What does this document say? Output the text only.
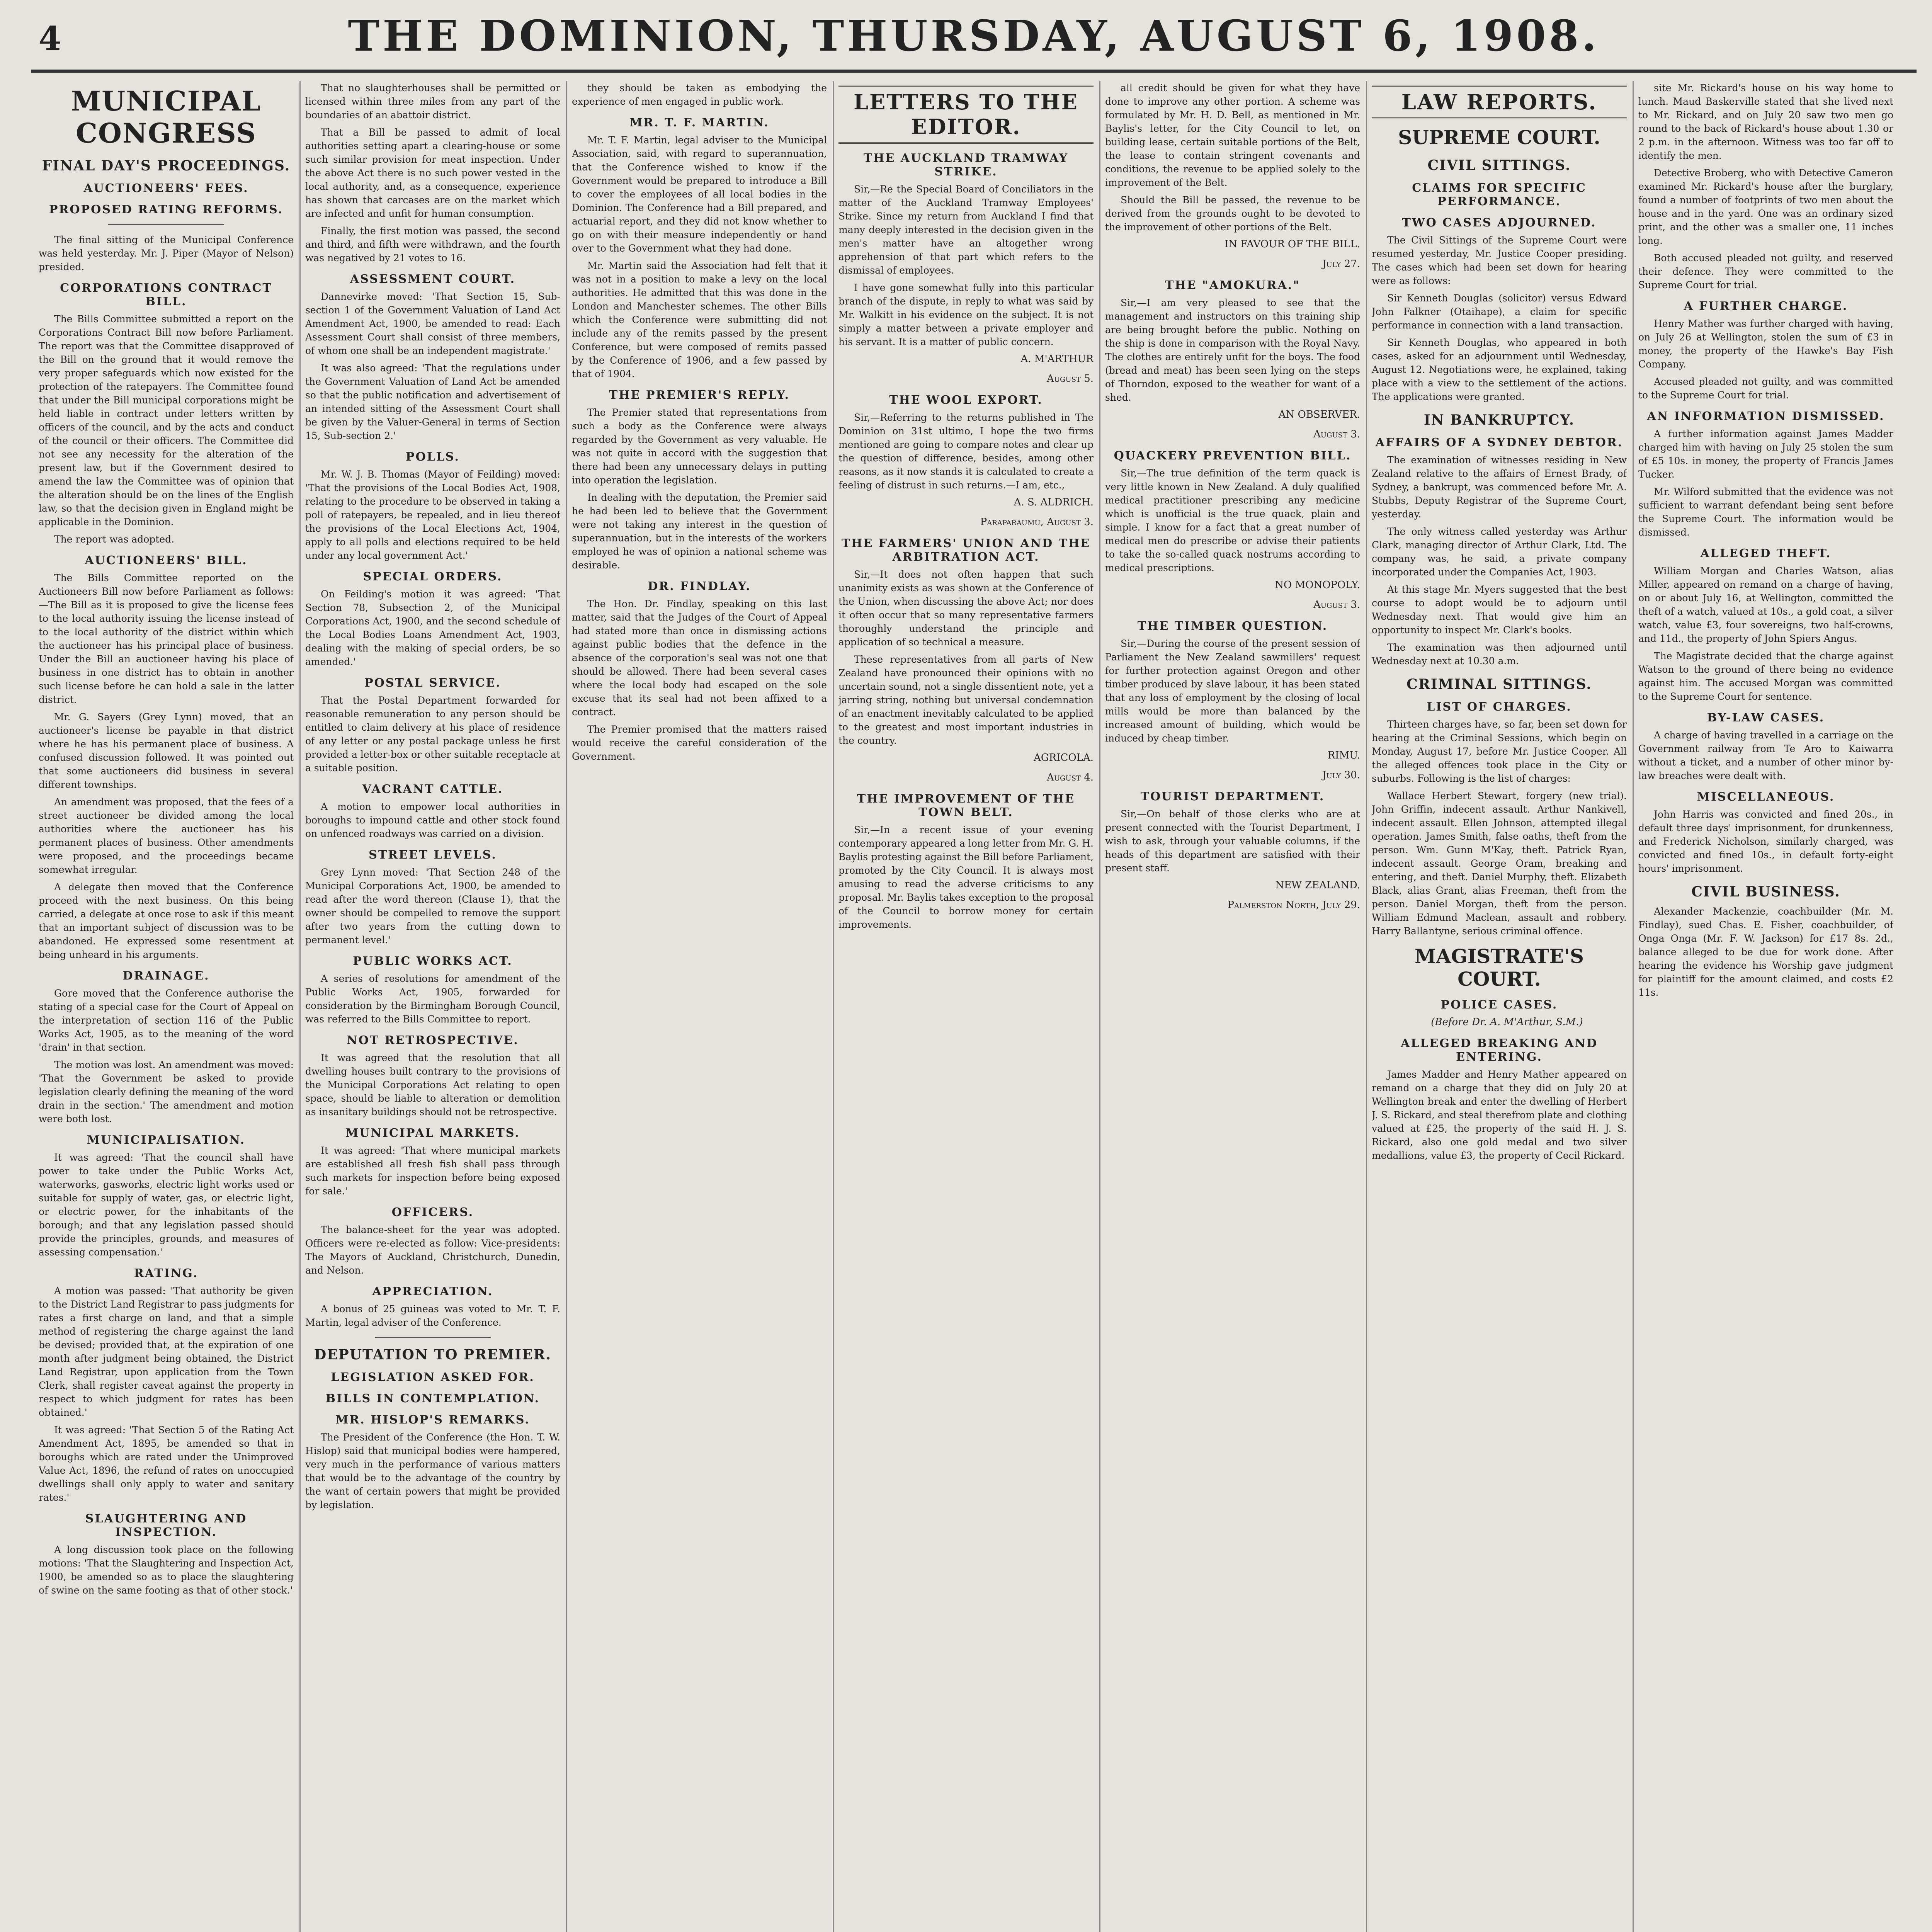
4	THE DOMINION, THURSDAY, AUGUST 6, 1908.
MUNICIPAL CONGRESS
FINAL DAY'S PROCEEDINGS.
AUCTIONEERS' FEES.
PROPOSED RATING REFORMS.

The final sitting of the Municipal Conference was held yesterday. Mr. J. Piper (Mayor of Nelson) presided.

CORPORATIONS CONTRACT BILL.

The Bills Committee submitted a report on the Corporations Contract Bill now before Parliament. The report was that the Committee disapproved of the Bill on the ground that it would remove the very proper safeguards which now existed for the protection of the ratepayers. The Committee found that under the Bill municipal corporations might be held liable in contract under letters written by officers of the council, and by the acts and conduct of the council or their officers. The Committee did not see any necessity for the alteration of the present law, but if the Government desired to amend the law the Committee was of opinion that the alteration should be on the lines of the English law, so that the decision given in England might be applicable in the Dominion.

The report was adopted.

AUCTIONEERS' BILL.

The Bills Committee reported on the Auctioneers Bill now before Parliament as follows:—The Bill as it is proposed to give the license fees to the local authority issuing the license instead of to the local authority of the district within which the auctioneer has his principal place of business. Under the Bill an auctioneer having his place of business in one district has to obtain in another such license before he can hold a sale in the latter district.

Mr. G. Sayers (Grey Lynn) moved, that an auctioneer's license be payable in that district where he has his permanent place of business. A confused discussion followed. It was pointed out that some auctioneers did business in several different townships.

An amendment was proposed, that the fees of a street auctioneer be divided among the local authorities where the auctioneer has his permanent places of business. Other amendments were proposed, and the proceedings became somewhat irregular.

A delegate then moved that the Conference proceed with the next business. On this being carried, a delegate at once rose to ask if this meant that an important subject of discussion was to be abandoned. He expressed some resentment at being unheard in his arguments.

DRAINAGE.

Gore moved that the Conference authorise the stating of a special case for the Court of Appeal on the interpretation of section 116 of the Public Works Act, 1905, as to the meaning of the word 'drain' in that section.

The motion was lost. An amendment was moved: 'That the Government be asked to provide legislation clearly defining the meaning of the word drain in the section.' The amendment and motion were both lost.

MUNICIPALISATION.

It was agreed: 'That the council shall have power to take under the Public Works Act, waterworks, gasworks, electric light works used or suitable for supply of water, gas, or electric light, or electric power, for the inhabitants of the borough; and that any legislation passed should provide the principles, grounds, and measures of assessing compensation.'

RATING.

A motion was passed: 'That authority be given to the District Land Registrar to pass judgments for rates a first charge on land, and that a simple method of registering the charge against the land be devised; provided that, at the expiration of one month after judgment being obtained, the District Land Registrar, upon application from the Town Clerk, shall register caveat against the property in respect to which judgment for rates has been obtained.'

It was agreed: 'That Section 5 of the Rating Act Amendment Act, 1895, be amended so that in boroughs which are rated under the Unimproved Value Act, 1896, the refund of rates on unoccupied dwellings shall only apply to water and sanitary rates.'

SLAUGHTERING AND INSPECTION.

A long discussion took place on the following motions: 'That the Slaughtering and Inspection Act, 1900, be amended so as to place the slaughtering of swine on the same footing as that of other stock.'

That no slaughterhouses shall be permitted or licensed within three miles from any part of the boundaries of an abattoir district.

That a Bill be passed to admit of local authorities setting apart a clearing-house or some such similar provision for meat inspection. Under the above Act there is no such power vested in the local authority, and, as a consequence, experience has shown that carcases are on the market which are infected and unfit for human consumption.

Finally, the first motion was passed, the second and third, and fifth were withdrawn, and the fourth was negatived by 21 votes to 16.

ASSESSMENT COURT.

Dannevirke moved: 'That Section 15, Sub-section 1 of the Government Valuation of Land Act Amendment Act, 1900, be amended to read: Each Assessment Court shall consist of three members, of whom one shall be an independent magistrate.'

It was also agreed: 'That the regulations under the Government Valuation of Land Act be amended so that the public notification and advertisement of an intended sitting of the Assessment Court shall be given by the Valuer-General in terms of Section 15, Sub-section 2.'

POLLS.

Mr. W. J. B. Thomas (Mayor of Feilding) moved: 'That the provisions of the Local Bodies Act, 1908, relating to the procedure to be observed in taking a poll of ratepayers, be repealed, and in lieu thereof the provisions of the Local Elections Act, 1904, apply to all polls and elections required to be held under any local government Act.'

SPECIAL ORDERS.

On Feilding's motion it was agreed: 'That Section 78, Subsection 2, of the Municipal Corporations Act, 1900, and the second schedule of the Local Bodies Loans Amendment Act, 1903, dealing with the making of special orders, be so amended.'

POSTAL SERVICE.

That the Postal Department forwarded for reasonable remuneration to any person should be entitled to claim delivery at his place of residence of any letter or any postal package unless he first provided a letter-box or other suitable receptacle at a suitable position.

VACRANT CATTLE.

A motion to empower local authorities in boroughs to impound cattle and other stock found on unfenced roadways was carried on a division.

STREET LEVELS.

Grey Lynn moved: 'That Section 248 of the Municipal Corporations Act, 1900, be amended to read after the word thereon (Clause 1), that the owner should be compelled to remove the support after two years from the cutting down to permanent level.'

PUBLIC WORKS ACT.

A series of resolutions for amendment of the Public Works Act, 1905, forwarded for consideration by the Birmingham Borough Council, was referred to the Bills Committee to report.

NOT RETROSPECTIVE.

It was agreed that the resolution that all dwelling houses built contrary to the provisions of the Municipal Corporations Act relating to open space, should be liable to alteration or demolition as insanitary buildings should not be retrospective.

MUNICIPAL MARKETS.

It was agreed: 'That where municipal markets are established all fresh fish shall pass through such markets for inspection before being exposed for sale.'

OFFICERS.

The balance-sheet for the year was adopted. Officers were re-elected as follow: Vice-presidents: The Mayors of Auckland, Christchurch, Dunedin, and Nelson.

APPRECIATION.

A bonus of 25 guineas was voted to Mr. T. F. Martin, legal adviser of the Conference.

DEPUTATION TO PREMIER.
LEGISLATION ASKED FOR.
BILLS IN CONTEMPLATION.
MR. HISLOP'S REMARKS.

The President of the Conference (the Hon. T. W. Hislop) said that municipal bodies were hampered, very much in the performance of various matters that would be to the advantage of the country by the want of certain powers that might be provided by legislation.

they should be taken as embodying the experience of men engaged in public work.

MR. T. F. MARTIN.

Mr. T. F. Martin, legal adviser to the Municipal Association, said, with regard to superannuation, that the Conference wished to know if the Government would be prepared to introduce a Bill to cover the employees of all local bodies in the Dominion. The Conference had a Bill prepared, and actuarial report, and they did not know whether to go on with their measure independently or hand over to the Government what they had done.

Mr. Martin said the Association had felt that it was not in a position to make a levy on the local authorities. He admitted that this was done in the London and Manchester schemes. The other Bills which the Conference were submitting did not include any of the remits passed by the present Conference, but were composed of remits passed by the Conference of 1906, and a few passed by that of 1904.

THE PREMIER'S REPLY.

The Premier stated that representations from such a body as the Conference were always regarded by the Government as very valuable. He was not quite in accord with the suggestion that there had been any unnecessary delays in putting into operation the legislation.

In dealing with the deputation, the Premier said he had been led to believe that the Government were not taking any interest in the question of superannuation, but in the interests of the workers employed he was of opinion a national scheme was desirable.

DR. FINDLAY.

The Hon. Dr. Findlay, speaking on this last matter, said that the Judges of the Court of Appeal had stated more than once in dismissing actions against public bodies that the defence in the absence of the corporation's seal was not one that should be allowed. There had been several cases where the local body had escaped on the sole excuse that its seal had not been affixed to a contract.

The Premier promised that the matters raised would receive the careful consideration of the Government.

LETTERS TO THE EDITOR.
THE AUCKLAND TRAMWAY STRIKE.

Sir,—Re the Special Board of Conciliators in the matter of the Auckland Tramway Employees' Strike. Since my return from Auckland I find that many deeply interested in the decision given in the men's matter have an altogether wrong apprehension of that part which refers to the dismissal of employees.

I have gone somewhat fully into this particular branch of the dispute, in reply to what was said by Mr. Walkitt in his evidence on the subject. It is not simply a matter between a private employer and his servant. It is a matter of public concern.

A. M'ARTHUR

August 5.

THE WOOL EXPORT.

Sir,—Referring to the returns published in The Dominion on 31st ultimo, I hope the two firms mentioned are going to compare notes and clear up the question of difference, besides, among other reasons, as it now stands it is calculated to create a feeling of distrust in such returns.—I am, etc.,

A. S. ALDRICH.

Paraparaumu, August 3.

THE FARMERS' UNION AND THE ARBITRATION ACT.

Sir,—It does not often happen that such unanimity exists as was shown at the Conference of the Union, when discussing the above Act; nor does it often occur that so many representative farmers thoroughly understand the principle and application of so technical a measure.

These representatives from all parts of New Zealand have pronounced their opinions with no uncertain sound, not a single dissentient note, yet a jarring string, nothing but universal condemnation of an enactment inevitably calculated to be applied to the greatest and most important industries in the country.

AGRICOLA.

August 4.

THE IMPROVEMENT OF THE TOWN BELT.

Sir,—In a recent issue of your evening contemporary appeared a long letter from Mr. G. H. Baylis protesting against the Bill before Parliament, promoted by the City Council. It is always most amusing to read the adverse criticisms to any proposal. Mr. Baylis takes exception to the proposal of the Council to borrow money for certain improvements.

all credit should be given for what they have done to improve any other portion. A scheme was formulated by Mr. H. D. Bell, as mentioned in Mr. Baylis's letter, for the City Council to let, on building lease, certain suitable portions of the Belt, the lease to contain stringent covenants and conditions, the revenue to be applied solely to the improvement of the Belt.

Should the Bill be passed, the revenue to be derived from the grounds ought to be devoted to the improvement of other portions of the Belt.

IN FAVOUR OF THE BILL.

July 27.

THE "AMOKURA."

Sir,—I am very pleased to see that the management and instructors on this training ship are being brought before the public. Nothing on the ship is done in comparison with the Royal Navy. The clothes are entirely unfit for the boys. The food (bread and meat) has been seen lying on the steps of Thorndon, exposed to the weather for want of a shed.

AN OBSERVER.

August 3.

QUACKERY PREVENTION BILL.

Sir,—The true definition of the term quack is very little known in New Zealand. A duly qualified medical practitioner prescribing any medicine which is unofficial is the true quack, plain and simple. I know for a fact that a great number of medical men do prescribe or advise their patients to take the so-called quack nostrums according to medical prescriptions.

NO MONOPOLY.

August 3.

THE TIMBER QUESTION.

Sir,—During the course of the present session of Parliament the New Zealand sawmillers' request for further protection against Oregon and other timber produced by slave labour, it has been stated that any loss of employment by the closing of local mills would be more than balanced by the increased amount of building, which would be induced by cheap timber.

RIMU.

July 30.

TOURIST DEPARTMENT.

Sir,—On behalf of those clerks who are at present connected with the Tourist Department, I wish to ask, through your valuable columns, if the heads of this department are satisfied with their present staff.

NEW ZEALAND.

Palmerston North, July 29.

LAW REPORTS.
SUPREME COURT.
CIVIL SITTINGS.
CLAIMS FOR SPECIFIC PERFORMANCE.
TWO CASES ADJOURNED.

The Civil Sittings of the Supreme Court were resumed yesterday, Mr. Justice Cooper presiding. The cases which had been set down for hearing were as follows:

Sir Kenneth Douglas (solicitor) versus Edward John Falkner (Otaihape), a claim for specific performance in connection with a land transaction.

Sir Kenneth Douglas, who appeared in both cases, asked for an adjournment until Wednesday, August 12. Negotiations were, he explained, taking place with a view to the settlement of the actions. The applications were granted.

IN BANKRUPTCY.
AFFAIRS OF A SYDNEY DEBTOR.

The examination of witnesses residing in New Zealand relative to the affairs of Ernest Brady, of Sydney, a bankrupt, was commenced before Mr. A. Stubbs, Deputy Registrar of the Supreme Court, yesterday.

The only witness called yesterday was Arthur Clark, managing director of Arthur Clark, Ltd. The company was, he said, a private company incorporated under the Companies Act, 1903.

At this stage Mr. Myers suggested that the best course to adopt would be to adjourn until Wednesday next. That would give him an opportunity to inspect Mr. Clark's books.

The examination was then adjourned until Wednesday next at 10.30 a.m.

CRIMINAL SITTINGS.
LIST OF CHARGES.

Thirteen charges have, so far, been set down for hearing at the Criminal Sessions, which begin on Monday, August 17, before Mr. Justice Cooper. All the alleged offences took place in the City or suburbs. Following is the list of charges:

Wallace Herbert Stewart, forgery (new trial). John Griffin, indecent assault. Arthur Nankivell, indecent assault. Ellen Johnson, attempted illegal operation. James Smith, false oaths, theft from the person. Wm. Gunn M'Kay, theft. Patrick Ryan, indecent assault. George Oram, breaking and entering, and theft. Daniel Murphy, theft. Elizabeth Black, alias Grant, alias Freeman, theft from the person. Daniel Morgan, theft from the person. William Edmund Maclean, assault and robbery. Harry Ballantyne, serious criminal offence.

MAGISTRATE'S COURT.
POLICE CASES.

(Before Dr. A. M'Arthur, S.M.)

ALLEGED BREAKING AND ENTERING.

James Madder and Henry Mather appeared on remand on a charge that they did on July 20 at Wellington break and enter the dwelling of Herbert J. S. Rickard, and steal therefrom plate and clothing valued at £25, the property of the said H. J. S. Rickard, also one gold medal and two silver medallions, value £3, the property of Cecil Rickard.

site Mr. Rickard's house on his way home to lunch. Maud Baskerville stated that she lived next to Mr. Rickard, and on July 20 saw two men go round to the back of Rickard's house about 1.30 or 2 p.m. in the afternoon. Witness was too far off to identify the men.

Detective Broberg, who with Detective Cameron examined Mr. Rickard's house after the burglary, found a number of footprints of two men about the house and in the yard. One was an ordinary sized print, and the other was a smaller one, 11 inches long.

Both accused pleaded not guilty, and reserved their defence. They were committed to the Supreme Court for trial.

A FURTHER CHARGE.

Henry Mather was further charged with having, on July 26 at Wellington, stolen the sum of £3 in money, the property of the Hawke's Bay Fish Company.

Accused pleaded not guilty, and was committed to the Supreme Court for trial.

AN INFORMATION DISMISSED.

A further information against James Madder charged him with having on July 25 stolen the sum of £5 10s. in money, the property of Francis James Tucker.

Mr. Wilford submitted that the evidence was not sufficient to warrant defendant being sent before the Supreme Court. The information would be dismissed.

ALLEGED THEFT.

William Morgan and Charles Watson, alias Miller, appeared on remand on a charge of having, on or about July 16, at Wellington, committed the theft of a watch, valued at 10s., a gold coat, a silver watch, value £3, four sovereigns, two half-crowns, and 11d., the property of John Spiers Angus.

The Magistrate decided that the charge against Watson to the ground of there being no evidence against him. The accused Morgan was committed to the Supreme Court for sentence.

BY-LAW CASES.

A charge of having travelled in a carriage on the Government railway from Te Aro to Kaiwarra without a ticket, and a number of other minor by-law breaches were dealt with.

MISCELLANEOUS.

John Harris was convicted and fined 20s., in default three days' imprisonment, for drunkenness, and Frederick Nicholson, similarly charged, was convicted and fined 10s., in default forty-eight hours' imprisonment.

CIVIL BUSINESS.

Alexander Mackenzie, coachbuilder (Mr. M. Findlay), sued Chas. E. Fisher, coachbuilder, of Onga Onga (Mr. F. W. Jackson) for £17 8s. 2d., balance alleged to be due for work done. After hearing the evidence his Worship gave judgment for plaintiff for the amount claimed, and costs £2 11s.
